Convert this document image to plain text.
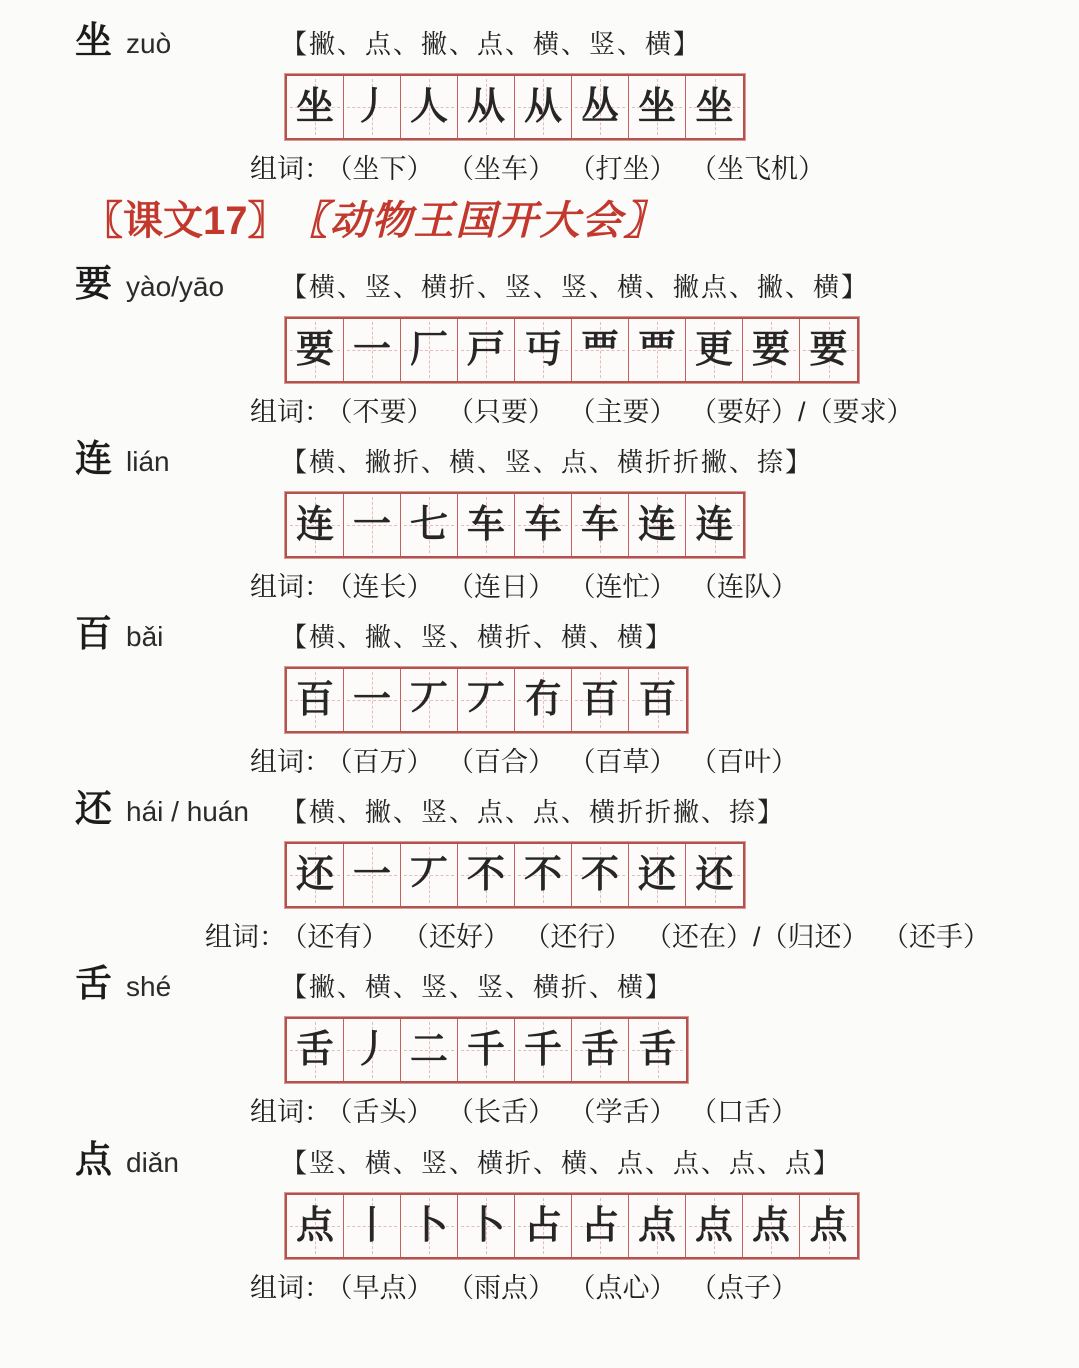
坐 zuò	【撇、点、撇、点、横、竖、横】
坐 丿 人 从 从 丛 坐 坐
组词： （坐下） （坐车） （打坐） （坐飞机）
〖课文17〗 〖动物王国开大会〗
要 yào/yāo 【横、竖、横折、竖、竖、横、撇点、撇、横】
要 一 厂 戸 丏 覀 覀 更 要 要
组词： （不要） （只要） （主要） （要好）/（要求）
连 lián	【横、撇折、横、竖、点、横折折撇、捺】
连 一 七 车 车 车 连 连
组词： （连长） （连日） （连忙） （连队）
百 bǎi	【横、撇、竖、横折、横、横】
百 一 丆 丆 冇 百 百
组词： （百万） （百合） （百草） （百叶）
还 hái / huán 【横、撇、竖、点、点、横折折撇、捺】
还 一 丆 不 不 不 还 还
组词： （还有） （还好） （还行） （还在）/（归还） （还手）
舌 shé	【撇、横、竖、竖、横折、横】
舌 丿 二 千 千 舌 舌
组词： （舌头） （长舌） （学舌） （口舌）
点 diǎn	【竖、横、竖、横折、横、点、点、点、点】
点 丨 卜 卜 占 占 点 点 点 点
组词： （早点） （雨点） （点心） （点子）
